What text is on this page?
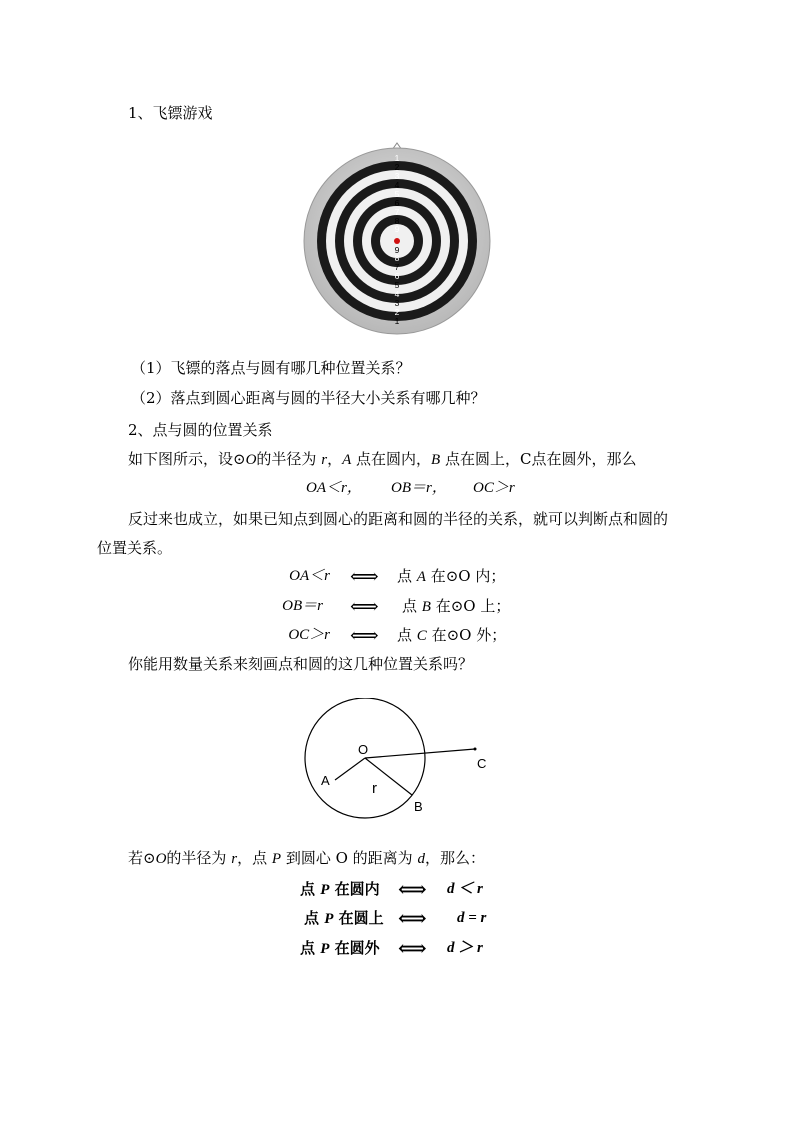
1、飞镖游戏
1
2
3
4
5
6
7
8
9
9
8
7
6
5
4
3
2
1
（1）飞镖的落点与圆有哪几种位置关系？
（2）落点到圆心距离与圆的半径大小关系有哪几种？
2、点与圆的位置关系
如下图所示，设⊙O的半径为 r，A 点在圆内，B 点在圆上，C点在圆外，那么
OA＜r， OB＝r， OC＞r
反过来也成立，如果已知点到圆心的距离和圆的半径的关系，就可以判断点和圆的
位置关系。
OA＜r ⟺ 点 A 在⊙O 内；
OB＝r ⟺ 点 B 在⊙O 上；
OC＞r ⟺ 点 C 在⊙O 外；
你能用数量关系来刻画点和圆的这几种位置关系吗？
O
A
B
C
r
若⊙O的半径为 r，点 P 到圆心 O 的距离为 d，那么：
点 P 在圆内 ⟺ d ＜ r
点 P 在圆上 ⟺ d = r
点 P 在圆外 ⟺ d ＞ r
